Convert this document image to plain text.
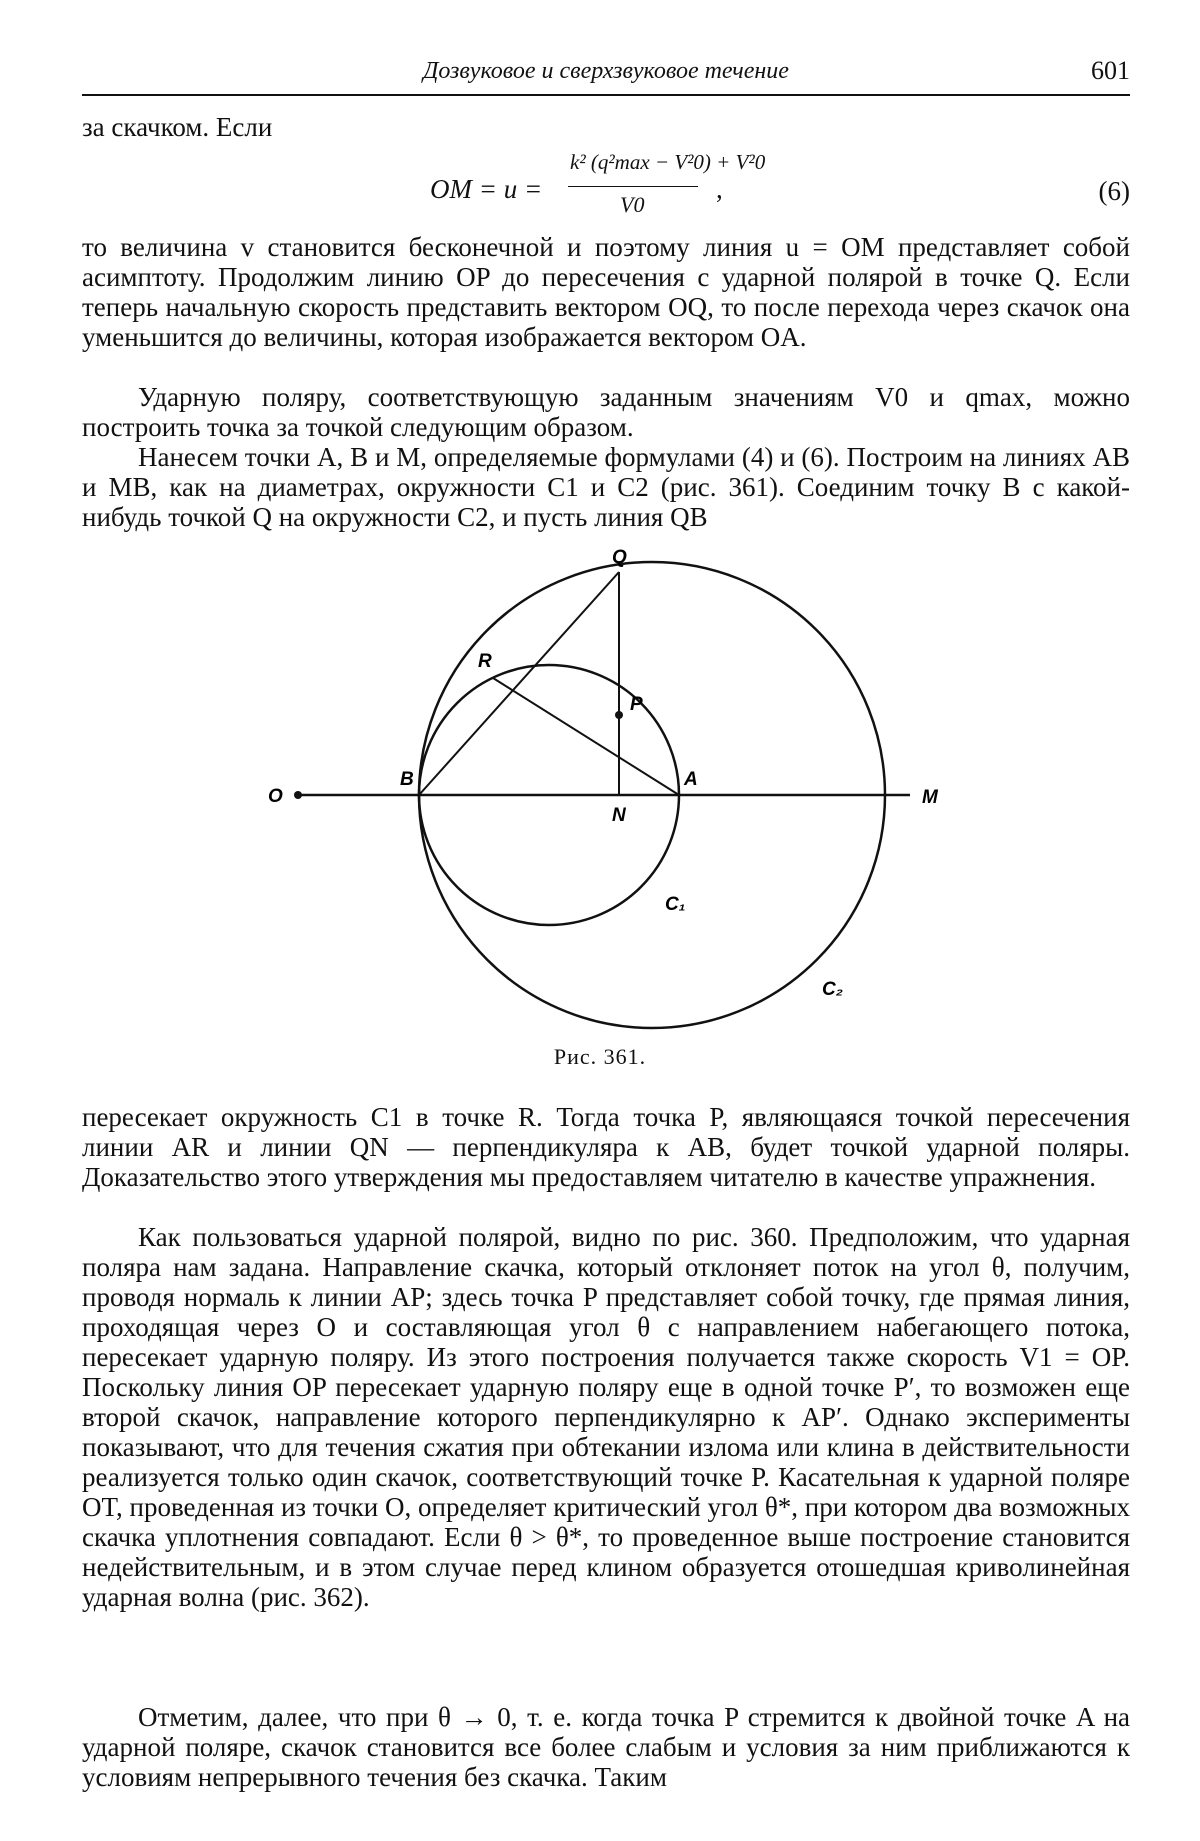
Дозвуковое и сверхзвуковое течение	601

за скачком. Если

OM = u =
k² (q²max − V²0) + V²0
V0
,	(6)

то величина v становится бесконечной и поэтому линия u = OM представляет собой асимптоту. Продолжим линию OP до пересечения с ударной полярой в точке Q. Если теперь начальную скорость представить вектором OQ, то после перехода через скачок она уменьшится до величины, которая изображается вектором OA.

Ударную поляру, соответствующую заданным значениям V0 и qmax, можно построить точка за точкой следующим образом.

Нанесем точки A, B и M, определяемые формулами (4) и (6). Построим на линиях AB и MB, как на диаметрах, окружности C1 и C2 (рис. 361). Соединим точку B с какой-нибудь точкой Q на окружности C2, и пусть линия QB

O
B	A
M
N
Q
R
P
C₁
C₂
Рис. 361.

пересекает окружность C1 в точке R. Тогда точка P, являющаяся точкой пересечения линии AR и линии QN — перпендикуляра к AB, будет точкой ударной поляры. Доказательство этого утверждения мы предоставляем читателю в качестве упражнения.

Как пользоваться ударной полярой, видно по рис. 360. Предположим, что ударная поляра нам задана. Направление скачка, который отклоняет поток на угол θ, получим, проводя нормаль к линии AP; здесь точка P представляет собой точку, где прямая линия, проходящая через O и составляющая угол θ с направлением набегающего потока, пересекает ударную поляру. Из этого построения получается также скорость V1 = OP. Поскольку линия OP пересекает ударную поляру еще в одной точке P′, то возможен еще второй скачок, направление которого перпендикулярно к AP′. Однако эксперименты показывают, что для течения сжатия при обтекании излома или клина в действительности реализуется только один скачок, соответствующий точке P. Касательная к ударной поляре OT, проведенная из точки O, определяет критический угол θ*, при котором два возможных скачка уплотнения совпадают. Если θ > θ*, то проведенное выше построение становится недействительным, и в этом случае перед клином образуется отошедшая криволинейная ударная волна (рис. 362).

Отметим, далее, что при θ → 0, т. е. когда точка P стремится к двойной точке A на ударной поляре, скачок становится все более слабым и условия за ним приближаются к условиям непрерывного течения без скачка. Таким
